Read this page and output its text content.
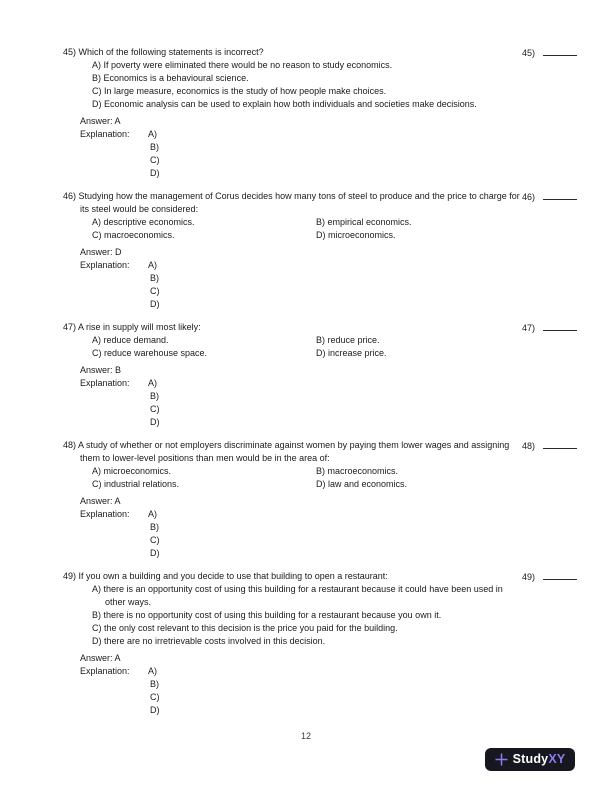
45) Which of the following statements is incorrect?
A) If poverty were eliminated there would be no reason to study economics.
B) Economics is a behavioural science.
C) In large measure, economics is the study of how people make choices.
D) Economic analysis can be used to explain how both individuals and societies make decisions.
Answer: A
Explanation: A)
B)
C)
D)
45)
46) Studying how the management of Corus decides how many tons of steel to produce and the price to charge for its steel would be considered:
A) descriptive economics.	B) empirical economics.
C) macroeconomics.	D) microeconomics.
Answer: D
Explanation: A)
B)
C)
D)
46)
47) A rise in supply will most likely:
A) reduce demand.	B) reduce price.
C) reduce warehouse space.	D) increase price.
Answer: B
Explanation: A)
B)
C)
D)
47)
48) A study of whether or not employers discriminate against women by paying them lower wages and assigning them to lower-level positions than men would be in the area of:
A) microeconomics.	B) macroeconomics.
C) industrial relations.	D) law and economics.
Answer: A
Explanation: A)
B)
C)
D)
48)
49) If you own a building and you decide to use that building to open a restaurant:
A) there is an opportunity cost of using this building for a restaurant because it could have been used in other ways.
B) there is no opportunity cost of using this building for a restaurant because you own it.
C) the only cost relevant to this decision is the price you paid for the building.
D) there are no irretrievable costs involved in this decision.
Answer: A
Explanation: A)
B)
C)
D)
49)
12
StudyXY
